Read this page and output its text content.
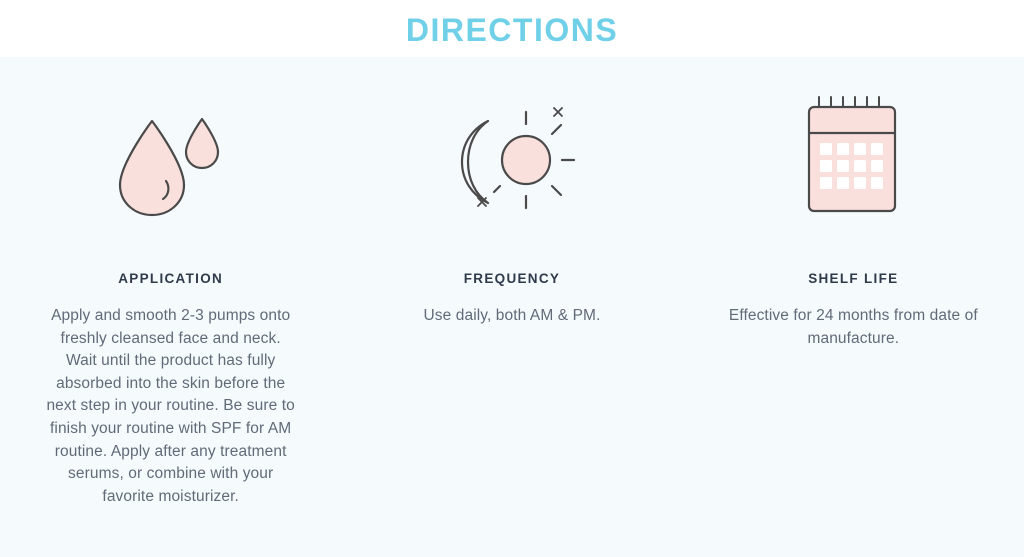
DIRECTIONS
APPLICATION
Apply and smooth 2-3 pumps onto freshly cleansed face and neck. Wait until the product has fully absorbed into the skin before the next step in your routine. Be sure to finish your routine with SPF for AM routine. Apply after any treatment serums, or combine with your favorite moisturizer.
FREQUENCY
Use daily, both AM & PM.
SHELF LIFE
Effective for 24 months from date of manufacture.
